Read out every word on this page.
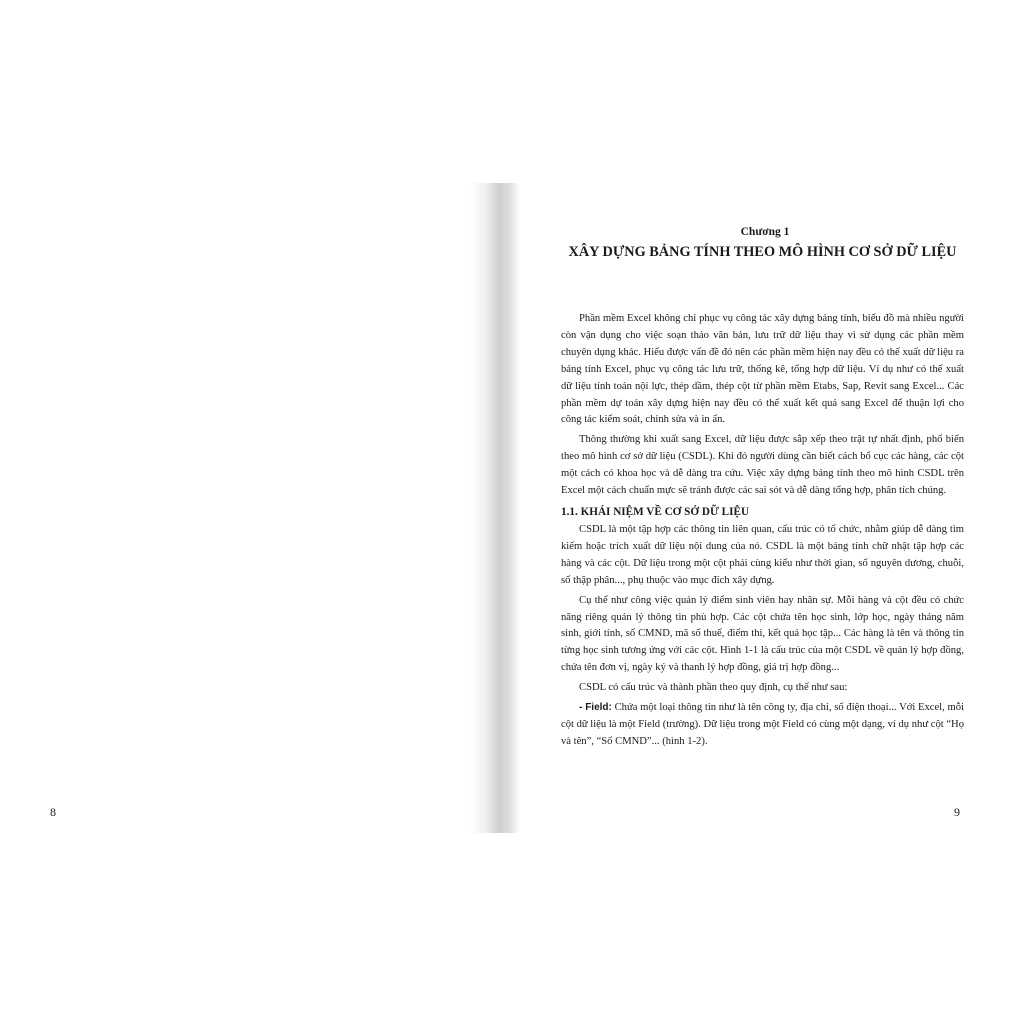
8

Chương 1

XÂY DỰNG BẢNG TÍNH THEO MÔ HÌNH CƠ SỞ DỮ LIỆU

Phần mềm Excel không chỉ phục vụ công tác xây dựng bảng tính, biểu đồ mà nhiều người còn vận dụng cho việc soạn thảo văn bản, lưu trữ dữ liệu thay vì sử dụng các phần mềm chuyên dụng khác. Hiểu được vấn đề đó nên các phần mềm hiện nay đều có thể xuất dữ liệu ra bảng tính Excel, phục vụ công tác lưu trữ, thống kê, tổng hợp dữ liệu. Ví dụ như có thể xuất dữ liệu tính toán nội lực, thép dầm, thép cột từ phần mềm Etabs, Sap, Revit sang Excel... Các phần mềm dự toán xây dựng hiện nay đều có thể xuất kết quả sang Excel để thuận lợi cho công tác kiểm soát, chỉnh sửa và in ấn.

Thông thường khi xuất sang Excel, dữ liệu được sắp xếp theo trật tự nhất định, phổ biến theo mô hình cơ sở dữ liệu (CSDL). Khi đó người dùng cần biết cách bố cục các hàng, các cột một cách có khoa học và dễ dàng tra cứu. Việc xây dựng bảng tính theo mô hình CSDL trên Excel một cách chuẩn mực sẽ tránh được các sai sót và dễ dàng tổng hợp, phân tích chúng.

1.1. KHÁI NIỆM VỀ CƠ SỞ DỮ LIỆU

CSDL là một tập hợp các thông tin liên quan, cấu trúc có tổ chức, nhằm giúp dễ dàng tìm kiếm hoặc trích xuất dữ liệu nội dung của nó. CSDL là một bảng tính chữ nhật tập hợp các hàng và các cột. Dữ liệu trong một cột phải cùng kiểu như thời gian, số nguyên dương, chuỗi, số thập phân..., phụ thuộc vào mục đích xây dựng.

Cụ thể như công việc quản lý điểm sinh viên hay nhân sự. Mỗi hàng và cột đều có chức năng riêng quản lý thông tin phù hợp. Các cột chứa tên học sinh, lớp học, ngày tháng năm sinh, giới tính, số CMND, mã số thuế, điểm thi, kết quả học tập... Các hàng là tên và thông tin từng học sinh tương ứng với các cột. Hình 1-1 là cấu trúc của một CSDL về quản lý hợp đồng, chứa tên đơn vị, ngày ký và thanh lý hợp đồng, giá trị hợp đồng...

CSDL có cấu trúc và thành phần theo quy định, cụ thể như sau:

- Field: Chứa một loại thông tin như là tên công ty, địa chỉ, số điện thoại... Với Excel, mỗi cột dữ liệu là một Field (trường). Dữ liệu trong một Field có cùng một dạng, ví dụ như cột “Họ và tên”, “Số CMND”... (hình 1-2).

9
